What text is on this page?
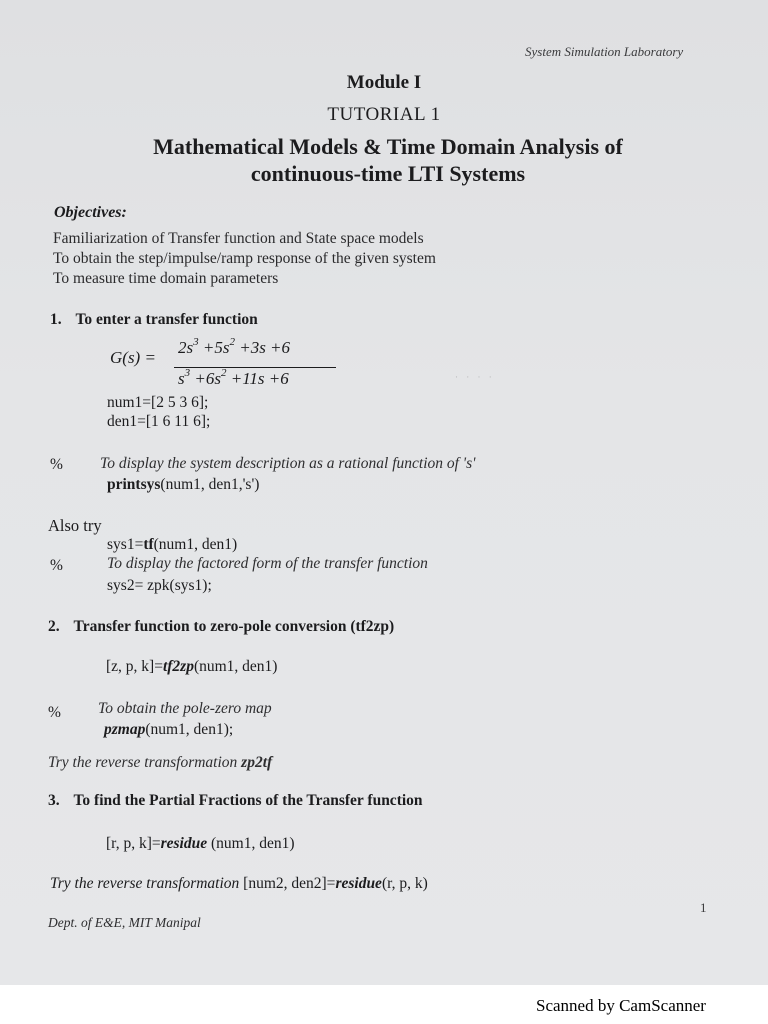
System Simulation Laboratory
Module I
TUTORIAL 1
Mathematical Models & Time Domain Analysis of
continuous-time LTI Systems
Objectives:
Familiarization of Transfer function and State space models
To obtain the step/impulse/ramp response of the given system
To measure time domain parameters
1. To enter a transfer function
G(s) =
$2s^3 +5s^2 +3s +6$
$s^3 +6s^2 +11s +6$	· · · ·
num1=[2 5 3 6];
den1=[1 6 11 6];
% To display the system description as a rational function of 's'
printsys(num1, den1,'s')
Also try
sys1=tf(num1, den1)
%	To display the factored form of the transfer function
sys2= zpk(sys1);
2. Transfer function to zero-pole conversion (tf2zp)
[z, p, k]=tf2zp(num1, den1)
% To obtain the pole-zero map
pzmap(num1, den1);
Try the reverse transformation zp2tf
3. To find the Partial Fractions of the Transfer function
[r, p, k]=residue (num1, den1)
Try the reverse transformation [num2, den2]=residue(r, p, k)
1
Dept. of E&E, MIT Manipal
Scanned by CamScanner
